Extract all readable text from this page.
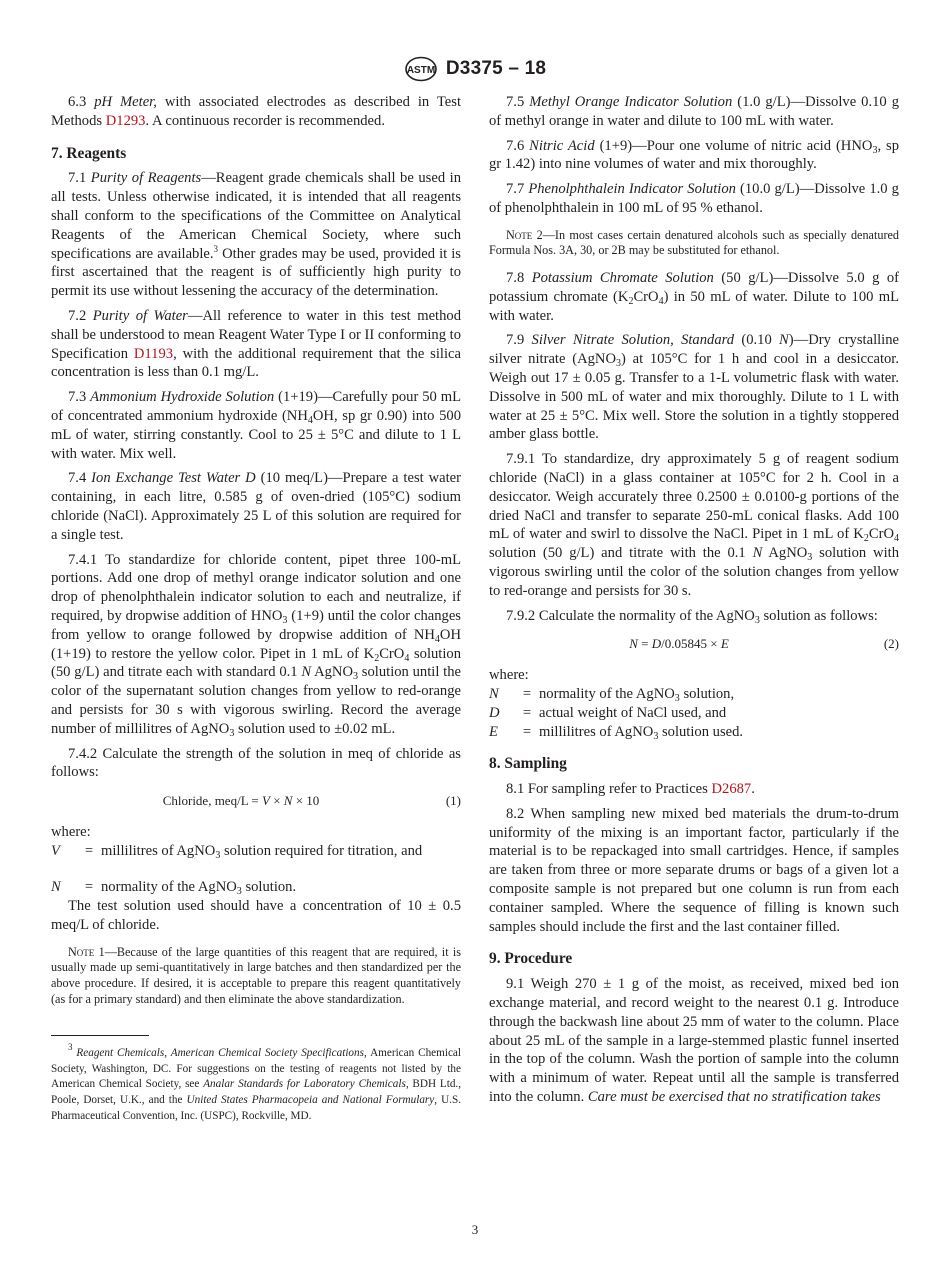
ASTM D3375 – 18

6.3 pH Meter, with associated electrodes as described in Test Methods D1293. A continuous recorder is recommended.

7. Reagents

7.1 Purity of Reagents—Reagent grade chemicals shall be used in all tests. Unless otherwise indicated, it is intended that all reagents shall conform to the specifications of the Committee on Analytical Reagents of the American Chemical Society, where such specifications are available.$^3$ Other grades may be used, provided it is first ascertained that the reagent is of sufficiently high purity to permit its use without lessening the accuracy of the determination.

7.2 Purity of Water—All reference to water in this test method shall be understood to mean Reagent Water Type I or II conforming to Specification D1193, with the additional requirement that the silica concentration is less than 0.1 mg/L.

7.3 Ammonium Hydroxide Solution (1+19)—Carefully pour 50 mL of concentrated ammonium hydroxide ($NH_4OH$, sp gr 0.90) into 500 mL of water, stirring constantly. Cool to 25 ± 5°C and dilute to 1 L with water. Mix well.

7.4 Ion Exchange Test Water D (10 meq/L)—Prepare a test water containing, in each litre, 0.585 g of oven-dried (105°C) sodium chloride (NaCl). Approximately 25 L of this solution are required for a single test.

7.4.1 To standardize for chloride content, pipet three 100-mL portions. Add one drop of methyl orange indicator solution and one drop of phenolphthalein indicator solution to each and neutralize, if required, by dropwise addition of $HNO_3$ (1+9) until the color changes from yellow to orange followed by dropwise addition of $NH_4OH$ (1+19) to restore the yellow color. Pipet in 1 mL of $K_2CrO_4$ solution (50 g/L) and titrate each with standard 0.1 N AgNO$_3$ solution until the color of the supernatant solution changes from yellow to red-orange and persists for 30 s with vigorous swirling. Record the average number of millilitres of AgNO$_3$ solution used to ±0.02 mL.

7.4.2 Calculate the strength of the solution in meq of chloride as follows:

Chloride, meq/L = V × N × 10	(1)

where:

V	= millilitres of AgNO$_3$ solution required for titration, and
N	= normality of the AgNO$_3$ solution.

The test solution used should have a concentration of 10 ± 0.5 meq/L of chloride.

Note 1—Because of the large quantities of this reagent that are required, it is usually made up semi-quantitatively in large batches and then standardized per the above procedure. If desired, it is acceptable to prepare this reagent quantitatively (as for a primary standard) and then eliminate the above standardization.
$^3$ Reagent Chemicals, American Chemical Society Specifications, American Chemical Society, Washington, DC. For suggestions on the testing of reagents not listed by the American Chemical Society, see Analar Standards for Laboratory Chemicals, BDH Ltd., Poole, Dorset, U.K., and the United States Pharmacopeia and National Formulary, U.S. Pharmaceutical Convention, Inc. (USPC), Rockville, MD.

7.5 Methyl Orange Indicator Solution (1.0 g/L)—Dissolve 0.10 g of methyl orange in water and dilute to 100 mL with water.

7.6 Nitric Acid (1+9)—Pour one volume of nitric acid ($HNO_3$, sp gr 1.42) into nine volumes of water and mix thoroughly.

7.7 Phenolphthalein Indicator Solution (10.0 g/L)—Dissolve 1.0 g of phenolphthalein in 100 mL of 95 % ethanol.

Note 2—In most cases certain denatured alcohols such as specially denatured Formula Nos. 3A, 30, or 2B may be substituted for ethanol.

7.8 Potassium Chromate Solution (50 g/L)—Dissolve 5.0 g of potassium chromate $(K_2CrO_4)$ in 50 mL of water. Dilute to 100 mL with water.

7.9 Silver Nitrate Solution, Standard (0.10 N)—Dry crystalline silver nitrate (AgNO$_3$) at 105°C for 1 h and cool in a desiccator. Weigh out 17 ± 0.05 g. Transfer to a 1-L volumetric flask with water. Dissolve in 500 mL of water and mix thoroughly. Dilute to 1 L with water at 25 ± 5°C. Mix well. Store the solution in a tightly stoppered amber glass bottle.

7.9.1 To standardize, dry approximately 5 g of reagent sodium chloride (NaCl) in a glass container at 105°C for 2 h. Cool in a desiccator. Weigh accurately three 0.2500 ± 0.0100-g portions of the dried NaCl and transfer to separate 250-mL conical flasks. Add 100 mL of water and swirl to dissolve the NaCl. Pipet in 1 mL of $K_2CrO_4$ solution (50 g/L) and titrate with the 0.1 N AgNO$_3$ solution with vigorous swirling until the color of the solution changes from yellow to red-orange and persists for 30 s.

7.9.2 Calculate the normality of the AgNO$_3$ solution as follows:

N = D/0.05845 × E	(2)

where:

N	= normality of the AgNO$_3$ solution,
D	= actual weight of NaCl used, and
E	= millilitres of AgNO$_3$ solution used.
8. Sampling

8.1 For sampling refer to Practices D2687.

8.2 When sampling new mixed bed materials the drum-to-drum uniformity of the mixing is an important factor, particularly if the material is to be repackaged into small cartridges. Hence, if samples are taken from three or more separate drums or bags of a given lot a composite sample is not prepared but one column is run from each container sampled. Where the sequence of filling is known such samples should include the first and the last container filled.

9. Procedure

9.1 Weigh 270 ± 1 g of the moist, as received, mixed bed ion exchange material, and record weight to the nearest 0.1 g. Introduce through the backwash line about 25 mm of water to the column. Place about 25 mL of the sample in a large-stemmed plastic funnel inserted in the top of the column. Wash the portion of sample into the column with a minimum of water. Repeat until all the sample is transferred into the column. Care must be exercised that no stratification takes

3
